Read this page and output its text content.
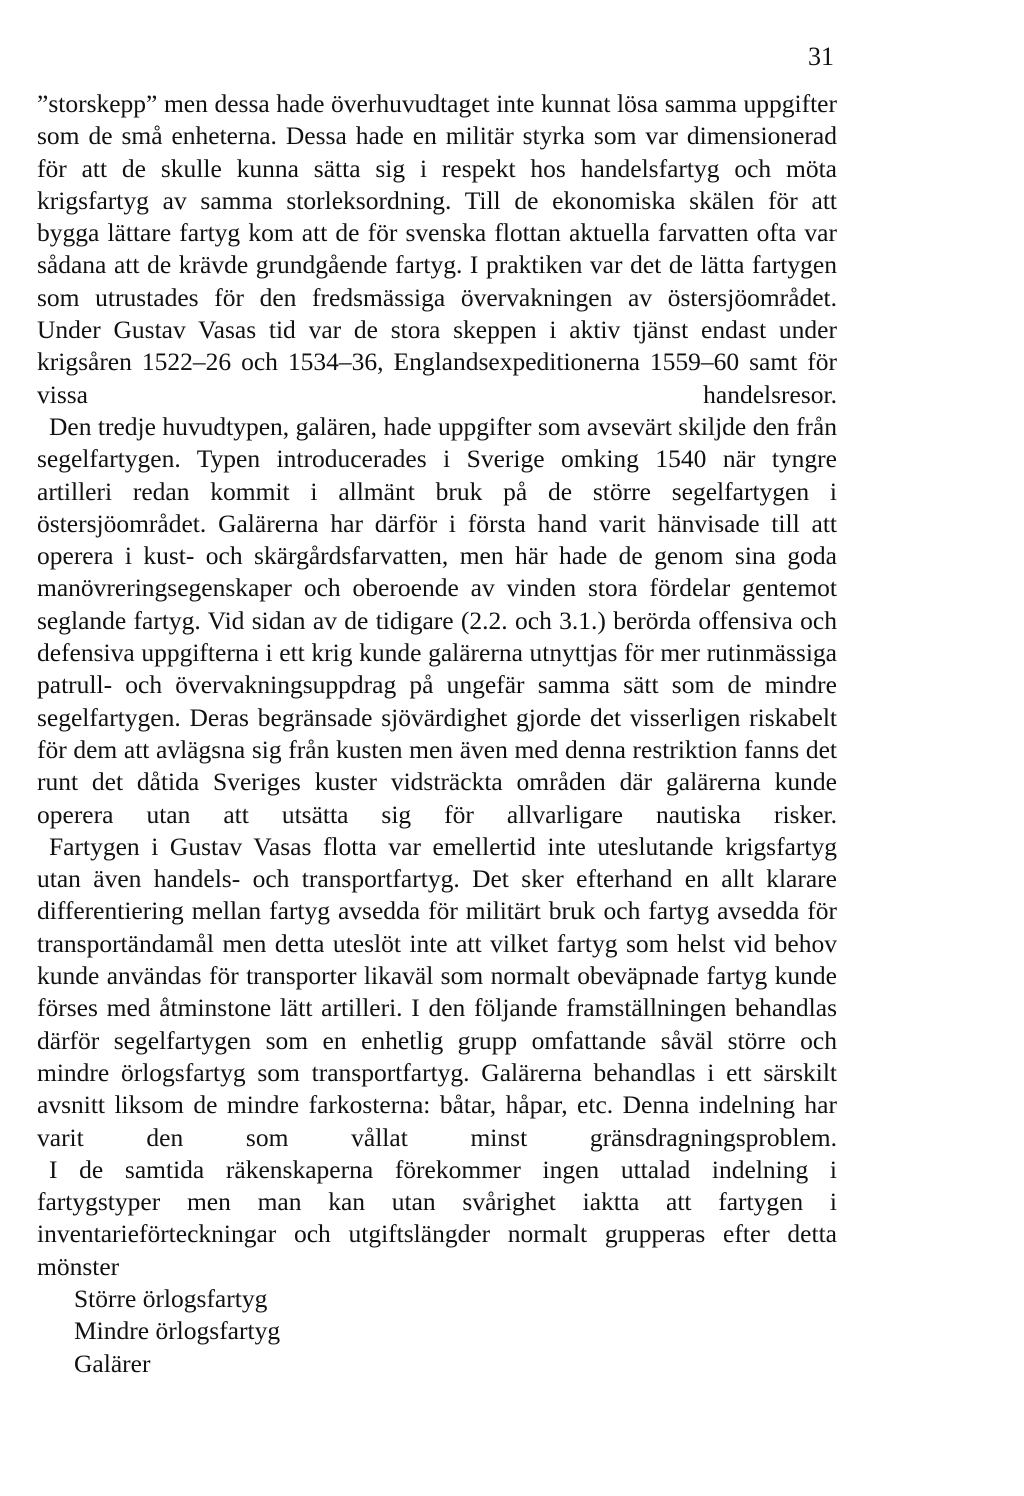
31

”storskepp” men dessa hade överhuvudtaget inte kunnat lösa samma uppgifter som de små enheterna. Dessa hade en militär styrka som var dimensionerad för att de skulle kunna sätta sig i respekt hos handelsfartyg och möta krigsfartyg av samma storleksordning. Till de ekonomiska skälen för att bygga lättare fartyg kom att de för svenska flottan aktuella farvatten ofta var sådana att de krävde grundgående fartyg. I praktiken var det de lätta fartygen som utrustades för den fredsmässiga övervakningen av östersjöområdet. Under Gustav Vasas tid var de stora skeppen i aktiv tjänst endast under krigsåren 1522–26 och 1534–36, Englandsexpeditionerna 1559–60 samt för vissa handelsresor.

Den tredje huvudtypen, galären, hade uppgifter som avsevärt skiljde den från segelfartygen. Typen introducerades i Sverige omking 1540 när tyngre artilleri redan kommit i allmänt bruk på de större segelfartygen i östersjöområdet. Galärerna har därför i första hand varit hänvisade till att operera i kust- och skärgårdsfarvatten, men här hade de genom sina goda manövreringsegenskaper och oberoende av vinden stora fördelar gentemot seglande fartyg. Vid sidan av de tidigare (2.2. och 3.1.) berörda offensiva och defensiva uppgifterna i ett krig kunde galärerna utnyttjas för mer rutinmässiga patrull- och övervakningsuppdrag på ungefär samma sätt som de mindre segelfartygen. Deras begränsade sjövärdighet gjorde det visserligen riskabelt för dem att avlägsna sig från kusten men även med denna restriktion fanns det runt det dåtida Sveriges kuster vidsträckta områden där galärerna kunde operera utan att utsätta sig för allvarligare nautiska risker.

Fartygen i Gustav Vasas flotta var emellertid inte uteslutande krigsfartyg utan även handels- och transportfartyg. Det sker efterhand en allt klarare differentiering mellan fartyg avsedda för militärt bruk och fartyg avsedda för transportändamål men detta uteslöt inte att vilket fartyg som helst vid behov kunde användas för transporter likaväl som normalt obeväpnade fartyg kunde förses med åtminstone lätt artilleri. I den följande framställningen behandlas därför segelfartygen som en enhetlig grupp omfattande såväl större och mindre örlogsfartyg som transportfartyg. Galärerna behandlas i ett särskilt avsnitt liksom de mindre farkosterna: båtar, håpar, etc. Denna indelning har varit den som vållat minst gränsdragningsproblem.

I de samtida räkenskaperna förekommer ingen uttalad indelning i fartygstyper men man kan utan svårighet iaktta att fartygen i inventarieförteckningar och utgiftslängder normalt grupperas efter detta mönster

Större örlogsfartyg
Mindre örlogsfartyg
Galärer
